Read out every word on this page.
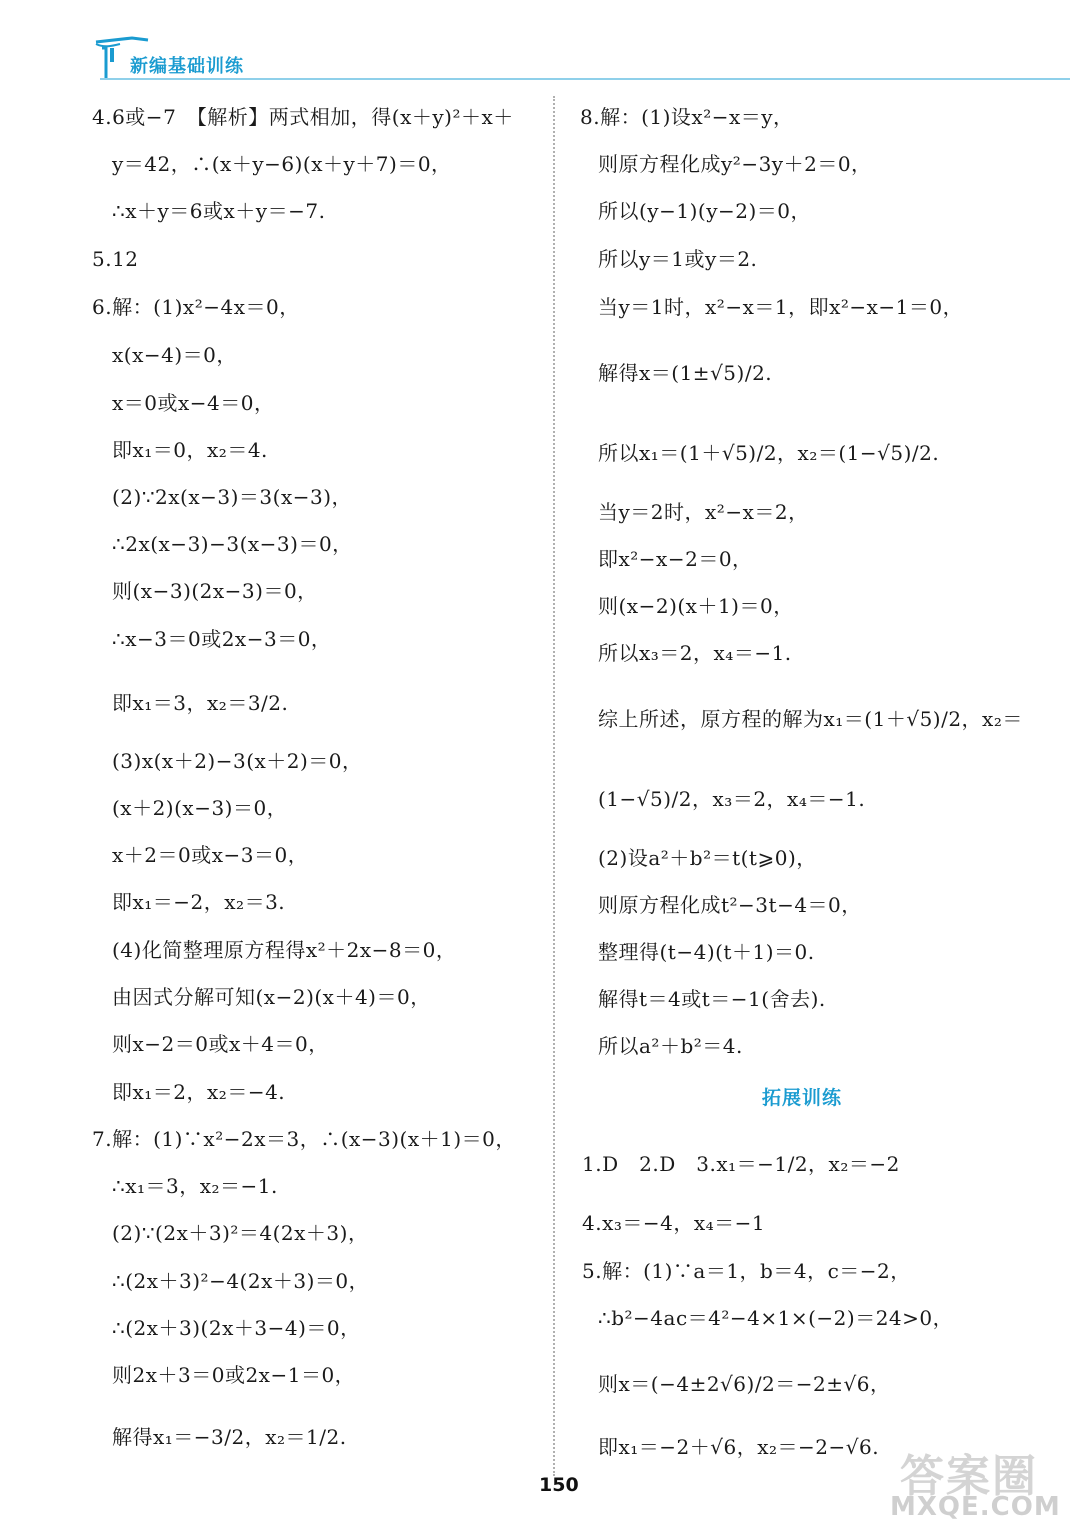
新编基础训练
4.6或−7　【解析】两式相加，得(x＋y)²＋x＋
y＝42，∴(x＋y−6)(x＋y＋7)＝0，
∴x＋y＝6或x＋y＝−7.
5.12
6.解：(1)x²−4x＝0，
x(x−4)＝0，
x＝0或x−4＝0，
即x₁＝0，x₂＝4.
(2)∵2x(x−3)＝3(x−3)，
∴2x(x−3)−3(x−3)＝0，
则(x−3)(2x−3)＝0，
∴x−3＝0或2x−3＝0，
即x₁＝3，x₂＝3/2.
(3)x(x＋2)−3(x＋2)＝0，
(x＋2)(x−3)＝0，
x＋2＝0或x−3＝0，
即x₁＝−2，x₂＝3.
(4)化简整理原方程得x²＋2x−8＝0，
由因式分解可知(x−2)(x＋4)＝0，
则x−2＝0或x＋4＝0，
即x₁＝2，x₂＝−4.
7.解：(1)∵x²−2x＝3，∴(x−3)(x＋1)＝0，
∴x₁＝3，x₂＝−1.
(2)∵(2x＋3)²＝4(2x＋3)，
∴(2x＋3)²−4(2x＋3)＝0，
∴(2x＋3)(2x＋3−4)＝0，
则2x＋3＝0或2x−1＝0，
解得x₁＝−3/2，x₂＝1/2.
8.解：(1)设x²−x＝y，
则原方程化成y²−3y＋2＝0，
所以(y−1)(y−2)＝0，
所以y＝1或y＝2.
当y＝1时，x²−x＝1，即x²−x−1＝0，
解得x＝(1±√5)/2.
所以x₁＝(1＋√5)/2，x₂＝(1−√5)/2.
当y＝2时，x²−x＝2，
即x²−x−2＝0，
则(x−2)(x＋1)＝0，
所以x₃＝2，x₄＝−1.
综上所述，原方程的解为x₁＝(1＋√5)/2，x₂＝
(1−√5)/2，x₃＝2，x₄＝−1.
(2)设a²＋b²＝t(t⩾0)，
则原方程化成t²−3t−4＝0，
整理得(t−4)(t＋1)＝0.
解得t＝4或t＝−1(舍去).
所以a²＋b²＝4.
拓展训练
1.D　2.D　3.x₁＝−1/2，x₂＝−2
4.x₃＝−4，x₄＝−1
5.解：(1)∵a＝1，b＝4，c＝−2，
∴b²−4ac＝4²−4×1×(−2)＝24>0，
则x＝(−4±2√6)/2＝−2±√6，
即x₁＝−2＋√6，x₂＝−2−√6.
150	答案圈
MXQE.COM
